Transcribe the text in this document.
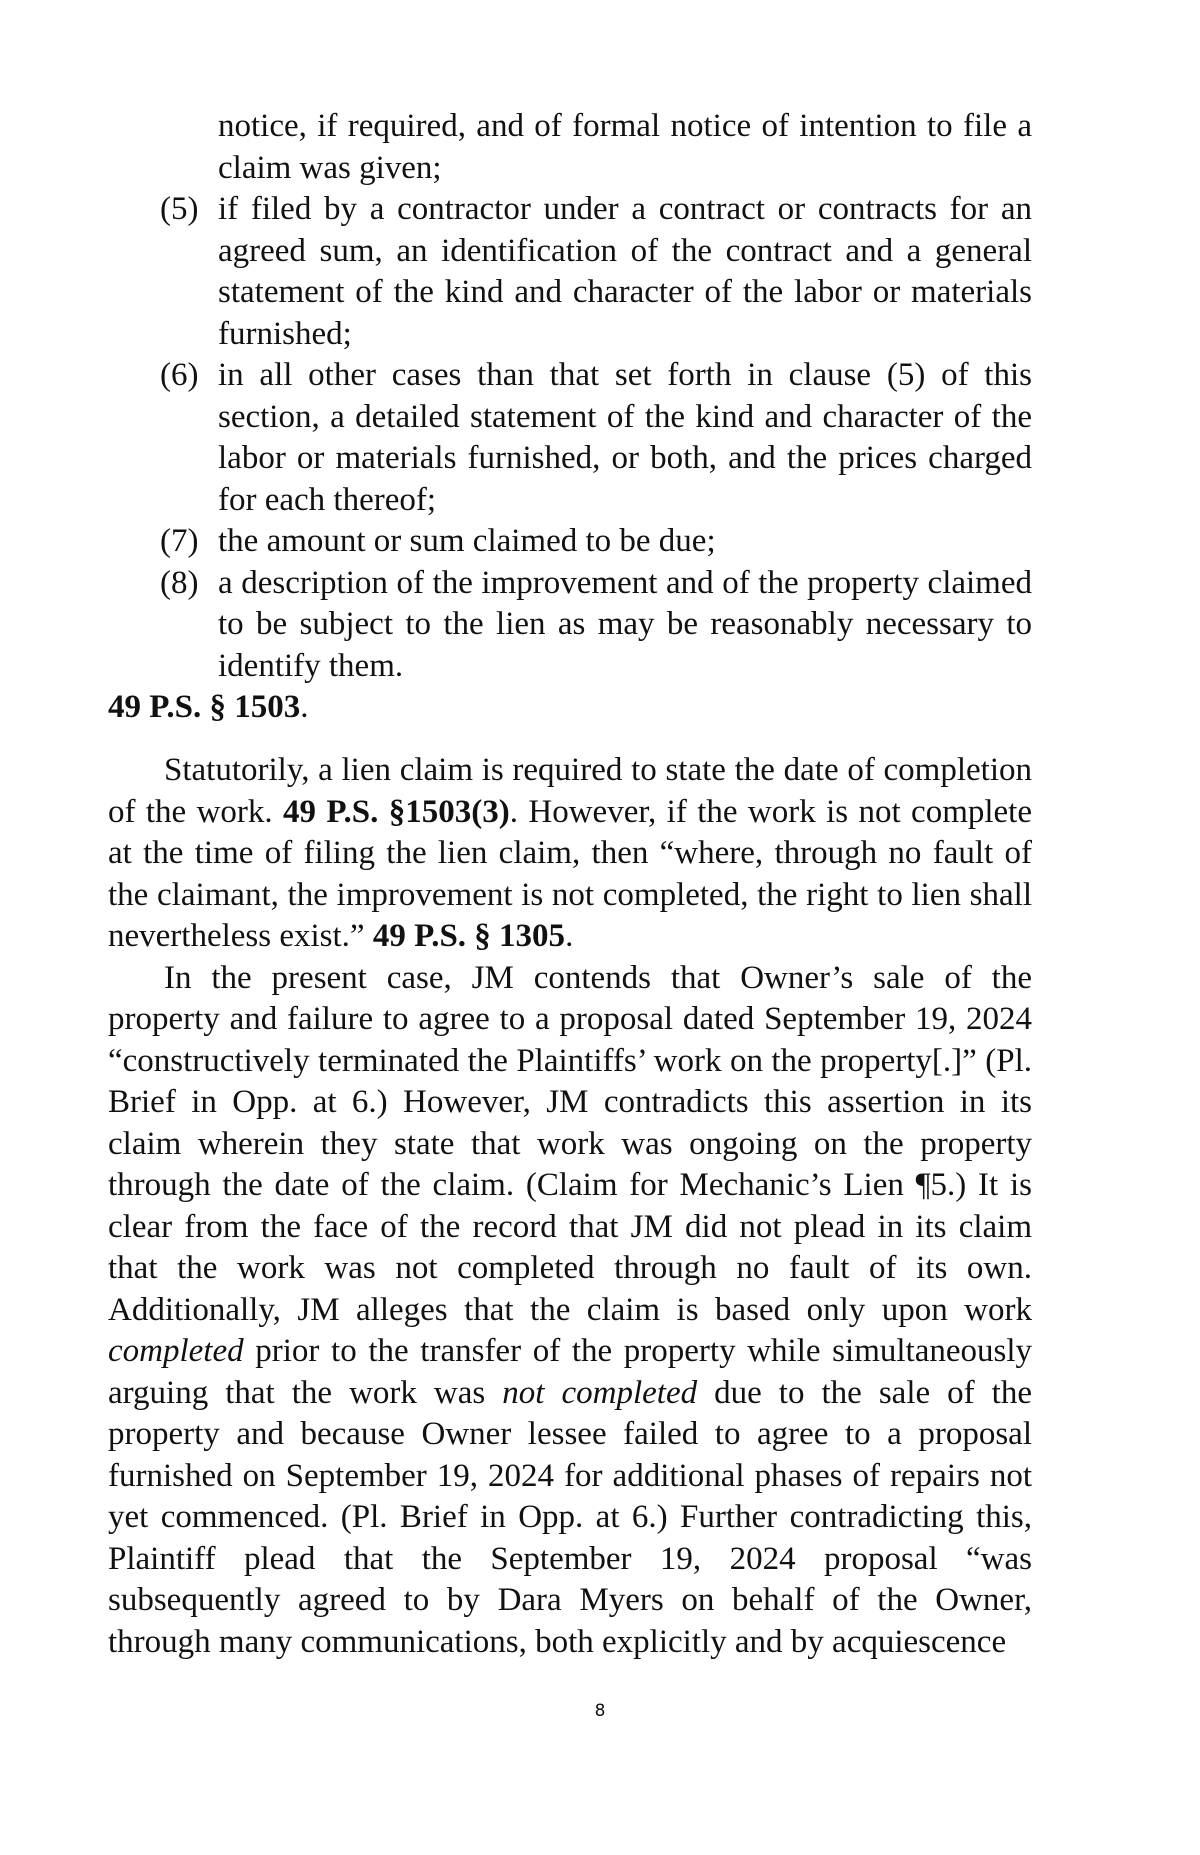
notice, if required, and of formal notice of intention to file a claim was given;
(5) if filed by a contractor under a contract or contracts for an agreed sum, an identification of the contract and a general statement of the kind and character of the labor or materials furnished;
(6) in all other cases than that set forth in clause (5) of this section, a detailed statement of the kind and character of the labor or materials furnished, or both, and the prices charged for each thereof;
(7) the amount or sum claimed to be due;
(8) a description of the improvement and of the property claimed to be subject to the lien as may be reasonably necessary to identify them.

49 P.S. § 1503.

Statutorily, a lien claim is required to state the date of completion of the work. 49 P.S. §1503(3). However, if the work is not complete at the time of filing the lien claim, then “where, through no fault of the claimant, the improvement is not completed, the right to lien shall nevertheless exist.” 49 P.S. § 1305.

In the present case, JM contends that Owner’s sale of the property and failure to agree to a proposal dated September 19, 2024 “constructively terminated the Plaintiffs’ work on the property[.]” (Pl. Brief in Opp. at 6.) However, JM contradicts this assertion in its claim wherein they state that work was ongoing on the property through the date of the claim. (Claim for Mechanic’s Lien ¶5.) It is clear from the face of the record that JM did not plead in its claim that the work was not completed through no fault of its own. Additionally, JM alleges that the claim is based only upon work completed prior to the transfer of the property while simultaneously arguing that the work was not completed due to the sale of the property and because Owner lessee failed to agree to a proposal furnished on September 19, 2024 for additional phases of repairs not yet commenced. (Pl. Brief in Opp. at 6.) Further contradicting this, Plaintiff plead that the September 19, 2024 proposal “was subsequently agreed to by Dara Myers on behalf of the Owner, through many communications, both explicitly and by acquiescence

8
